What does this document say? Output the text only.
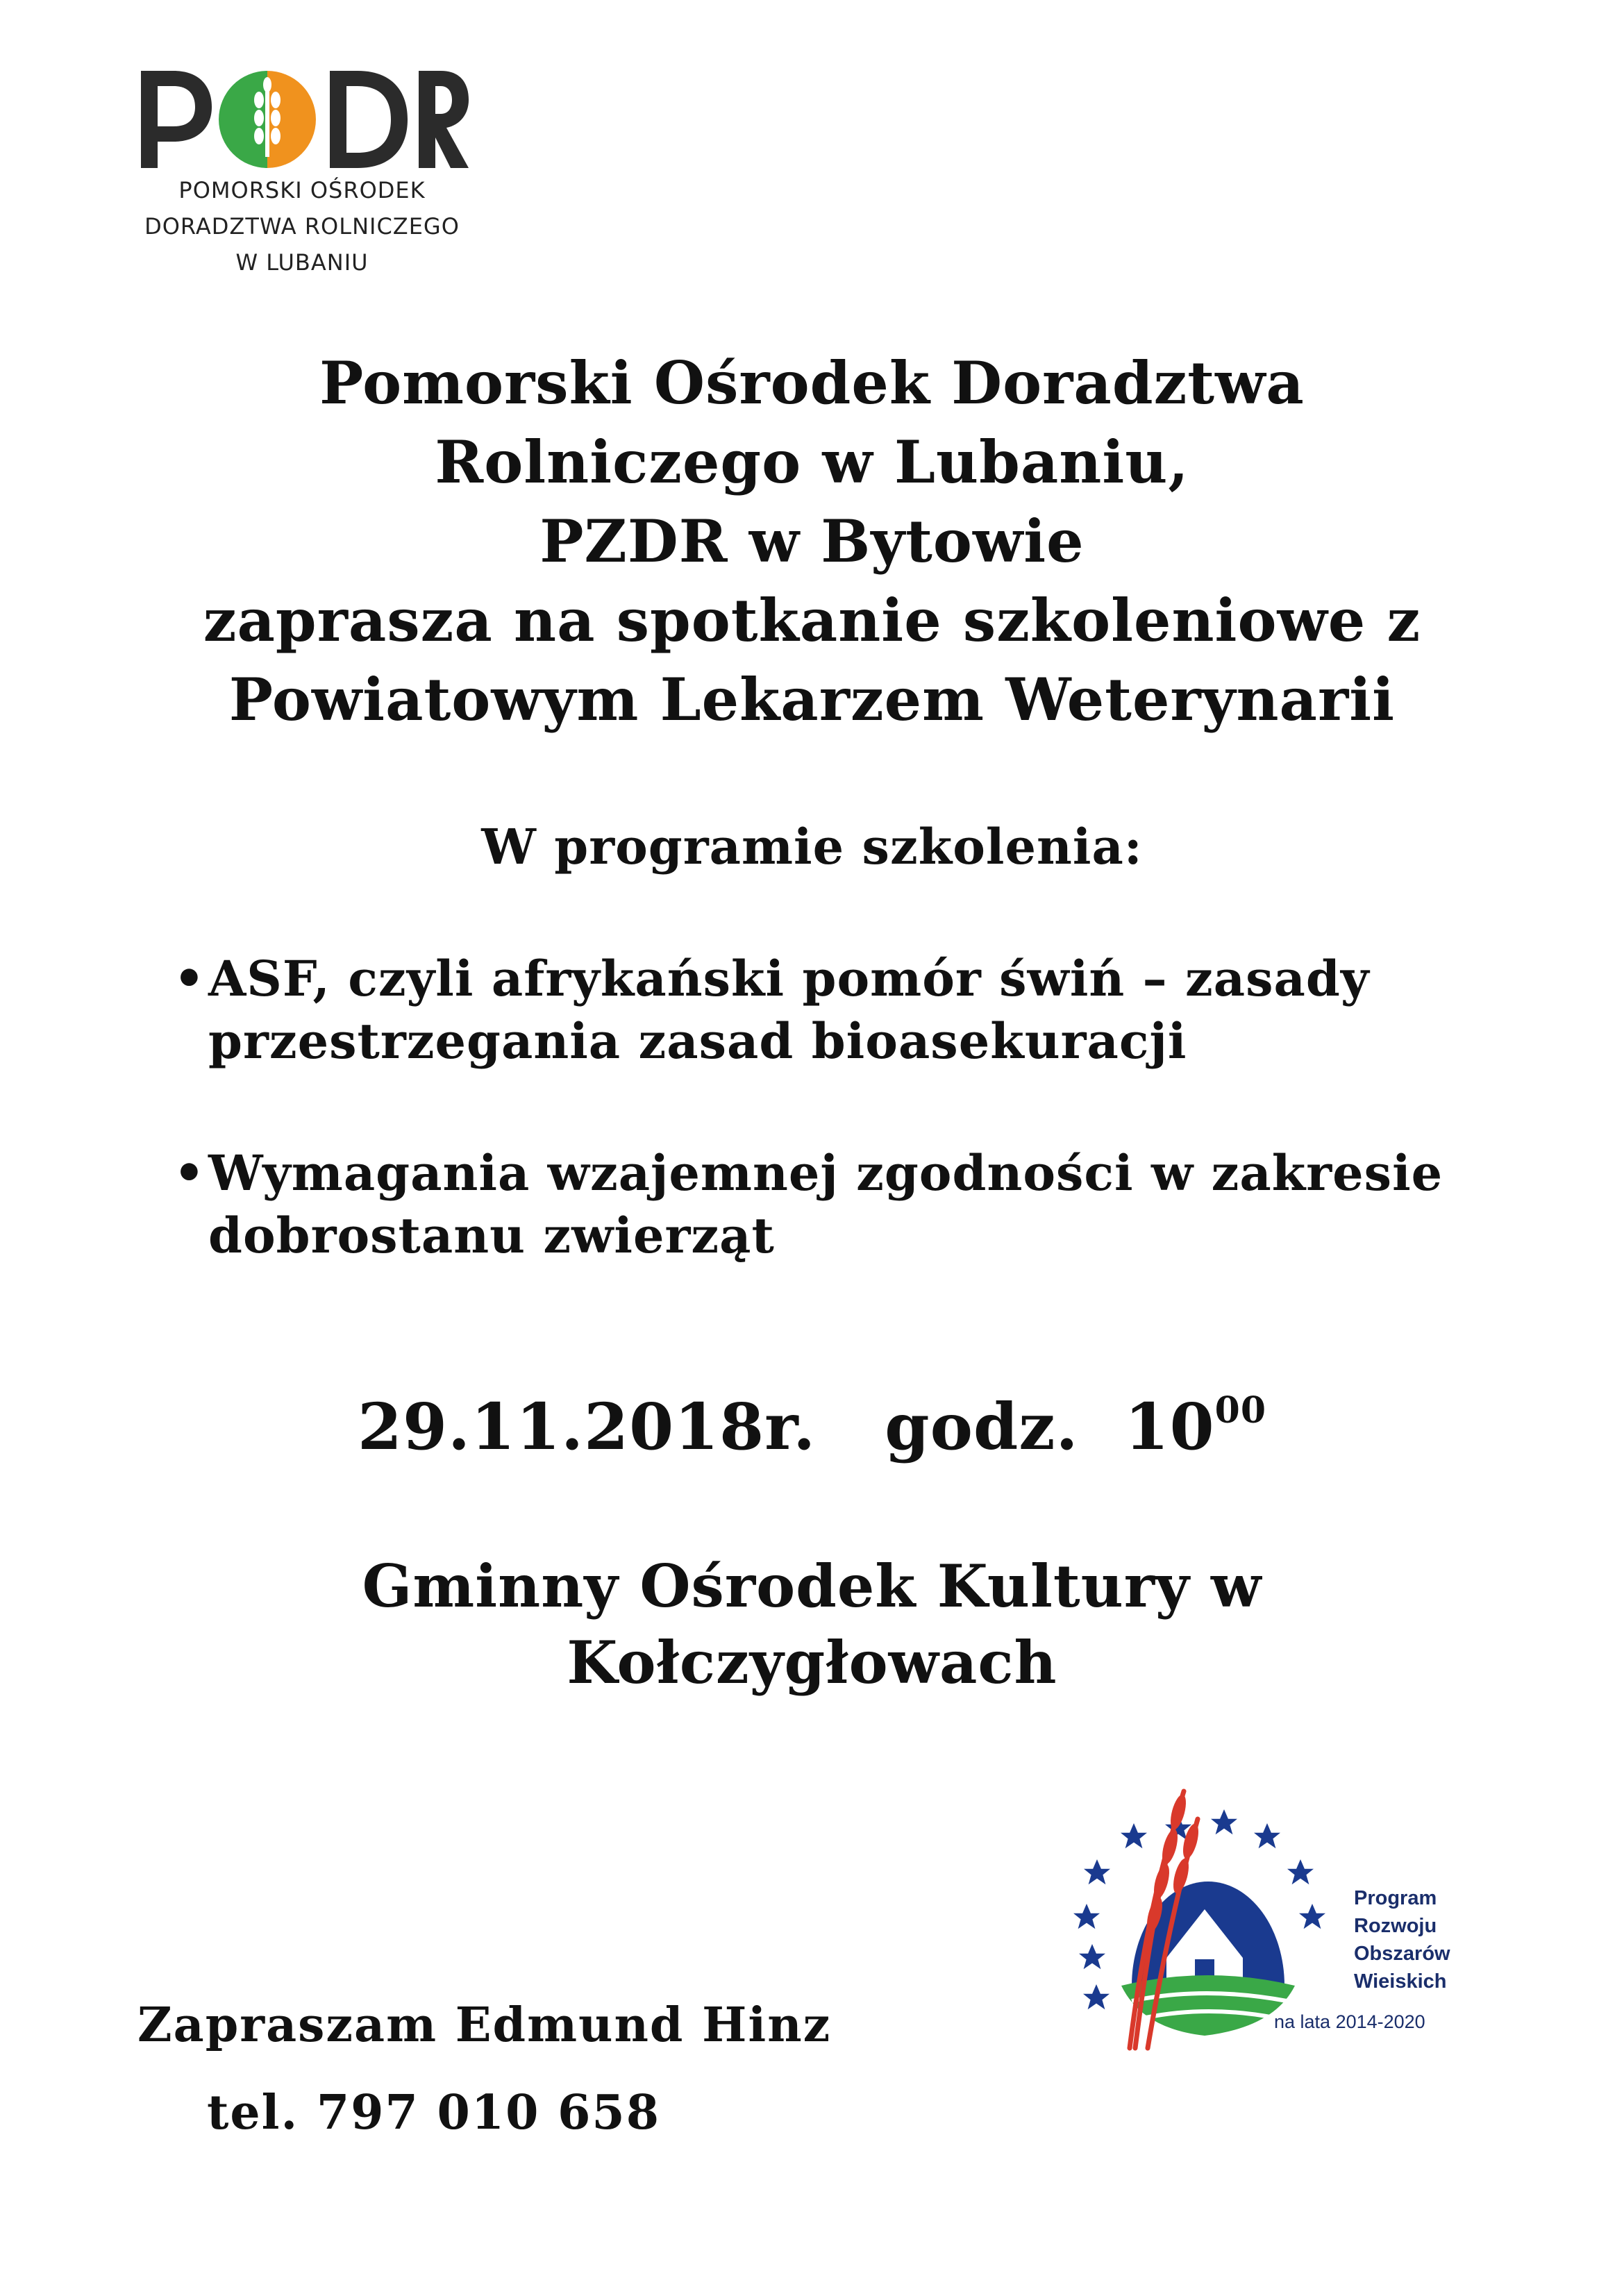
POMORSKI OŚRODEK
DORADZTWA ROLNICZEGO
W LUBANIU
Pomorski Ośrodek Doradztwa
Rolniczego w Lubaniu,
PZDR w Bytowie
zaprasza na spotkanie szkoleniowe z
Powiatowym Lekarzem Weterynarii
W programie szkolenia:
• ASF, czyli afrykański pomór świń – zasady przestrzegania zasad bioasekuracji
• Wymagania wzajemnej zgodności w zakresie dobrostanu zwierząt
29.11.2018r. godz. $10^{00}$
Gminny Ośrodek Kultury w
Kołczygłowach
Program
Rozwoju
Obszarów
Wieiskich
na lata 2014-2020
Zapraszam Edmund Hinz
tel. 797 010 658
